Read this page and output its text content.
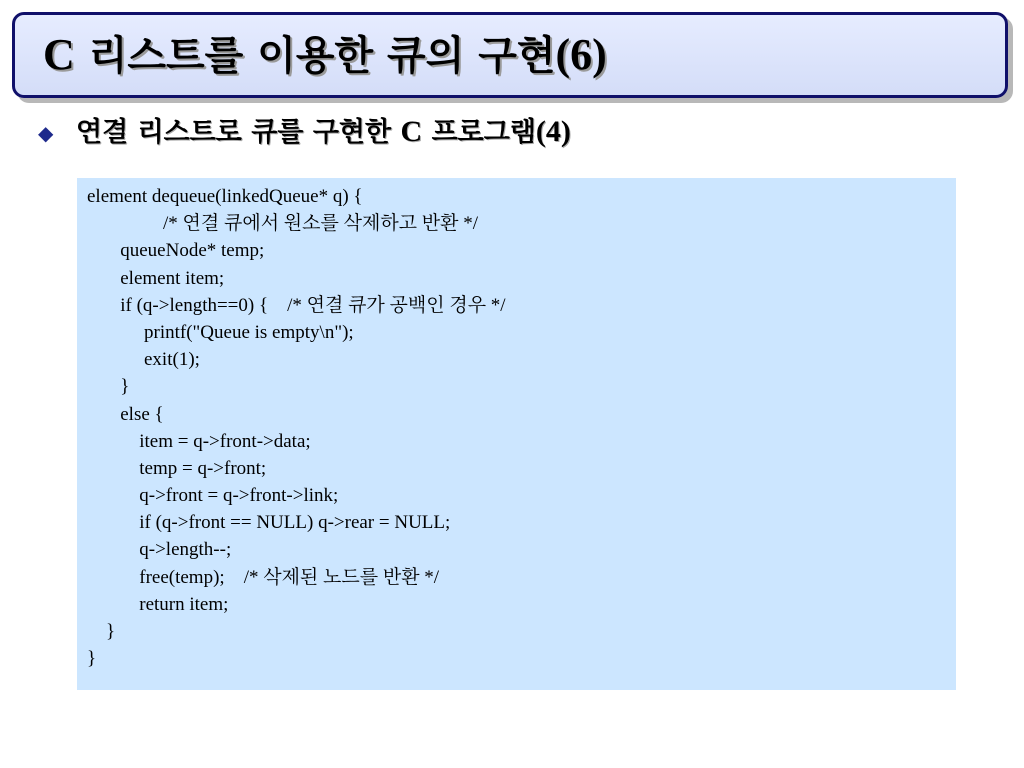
C 리스트를 이용한 큐의 구현(6)
◆ 연결 리스트로 큐를 구현한 C 프로그램(4)
element dequeue(linkedQueue* q) {
/* 연결 큐에서 원소를 삭제하고 반환 */
queueNode* temp;
element item;
if (q->length==0) {    /* 연결 큐가 공백인 경우 */
printf("Queue is empty\n");
exit(1);
}
else {
item = q->front->data;
temp = q->front;
q->front = q->front->link;
if (q->front == NULL) q->rear = NULL;
q->length--;
free(temp);    /* 삭제된 노드를 반환 */
return item;
}
}
